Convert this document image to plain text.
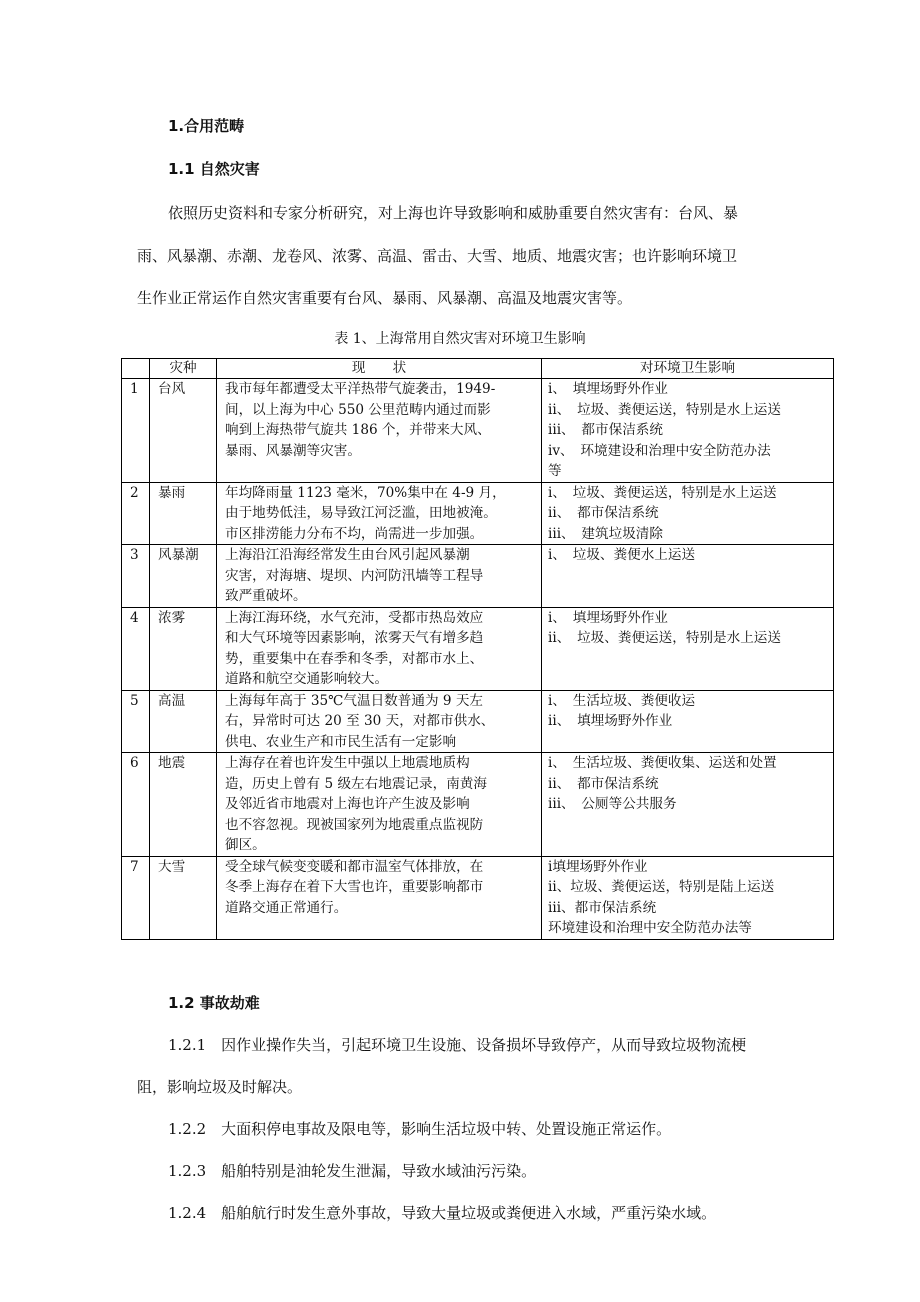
1.合用范畴
1.1 自然灾害
依照历史资料和专家分析研究，对上海也许导致影响和威胁重要自然灾害有：台风、暴
雨、风暴潮、赤潮、龙卷风、浓雾、高温、雷击、大雪、地质、地震灾害；也许影响环境卫
生作业正常运作自然灾害重要有台风、暴雨、风暴潮、高温及地震灾害等。
表 1、上海常用自然灾害对环境卫生影响
	灾种	现　　状	对环境卫生影响
1	台风	我市每年都遭受太平洋热带气旋袭击，1949-
间，以上海为中心 550 公里范畴内通过而影
响到上海热带气旋共 186 个，并带来大风、
暴雨、风暴潮等灾害。	i、　填埋场野外作业
ii、　垃圾、粪便运送，特别是水上运送
iii、　都市保洁系统
iv、　环境建设和治理中安全防范办法
等

2	暴雨	年均降雨量 1123 毫米，70%集中在 4-9 月，
由于地势低洼，易导致江河泛滥，田地被淹。
市区排涝能力分布不均，尚需进一步加强。	i、　垃圾、粪便运送，特别是水上运送
ii、　都市保洁系统
iii、　建筑垃圾清除

3	风暴潮	上海沿江沿海经常发生由台风引起风暴潮
灾害，对海塘、堤坝、内河防汛墙等工程导
致严重破坏。	i、　垃圾、粪便水上运送

4	浓雾	上海江海环绕，水气充沛，受都市热岛效应
和大气环境等因素影响，浓雾天气有增多趋
势，重要集中在春季和冬季，对都市水上、
道路和航空交通影响较大。	i、　填埋场野外作业
ii、　垃圾、粪便运送，特别是水上运送

5	高温	上海每年高于 35℃气温日数普通为 9 天左
右，异常时可达 20 至 30 天，对都市供水、
供电、农业生产和市民生活有一定影响	i、　生活垃圾、粪便收运
ii、　填埋场野外作业

6	地震	上海存在着也许发生中强以上地震地质构
造，历史上曾有 5 级左右地震记录，南黄海
及邻近省市地震对上海也许产生波及影响
也不容忽视。现被国家列为地震重点监视防
御区。	i、　生活垃圾、粪便收集、运送和处置
ii、　都市保洁系统
iii、　公厕等公共服务

7	大雪	受全球气候变变暖和都市温室气体排放，在
冬季上海存在着下大雪也许，重要影响都市
道路交通正常通行。	ⅰ填埋场野外作业
ⅱ、垃圾、粪便运送，特别是陆上运送
ⅲ、都市保洁系统
环境建设和治理中安全防范办法等
1.2 事故劫难
1.2.1　因作业操作失当，引起环境卫生设施、设备损坏导致停产，从而导致垃圾物流梗
阻，影响垃圾及时解决。
1.2.2　大面积停电事故及限电等，影响生活垃圾中转、处置设施正常运作。
1.2.3　船舶特别是油轮发生泄漏，导致水域油污污染。
1.2.4　船舶航行时发生意外事故，导致大量垃圾或粪便进入水域，严重污染水域。
